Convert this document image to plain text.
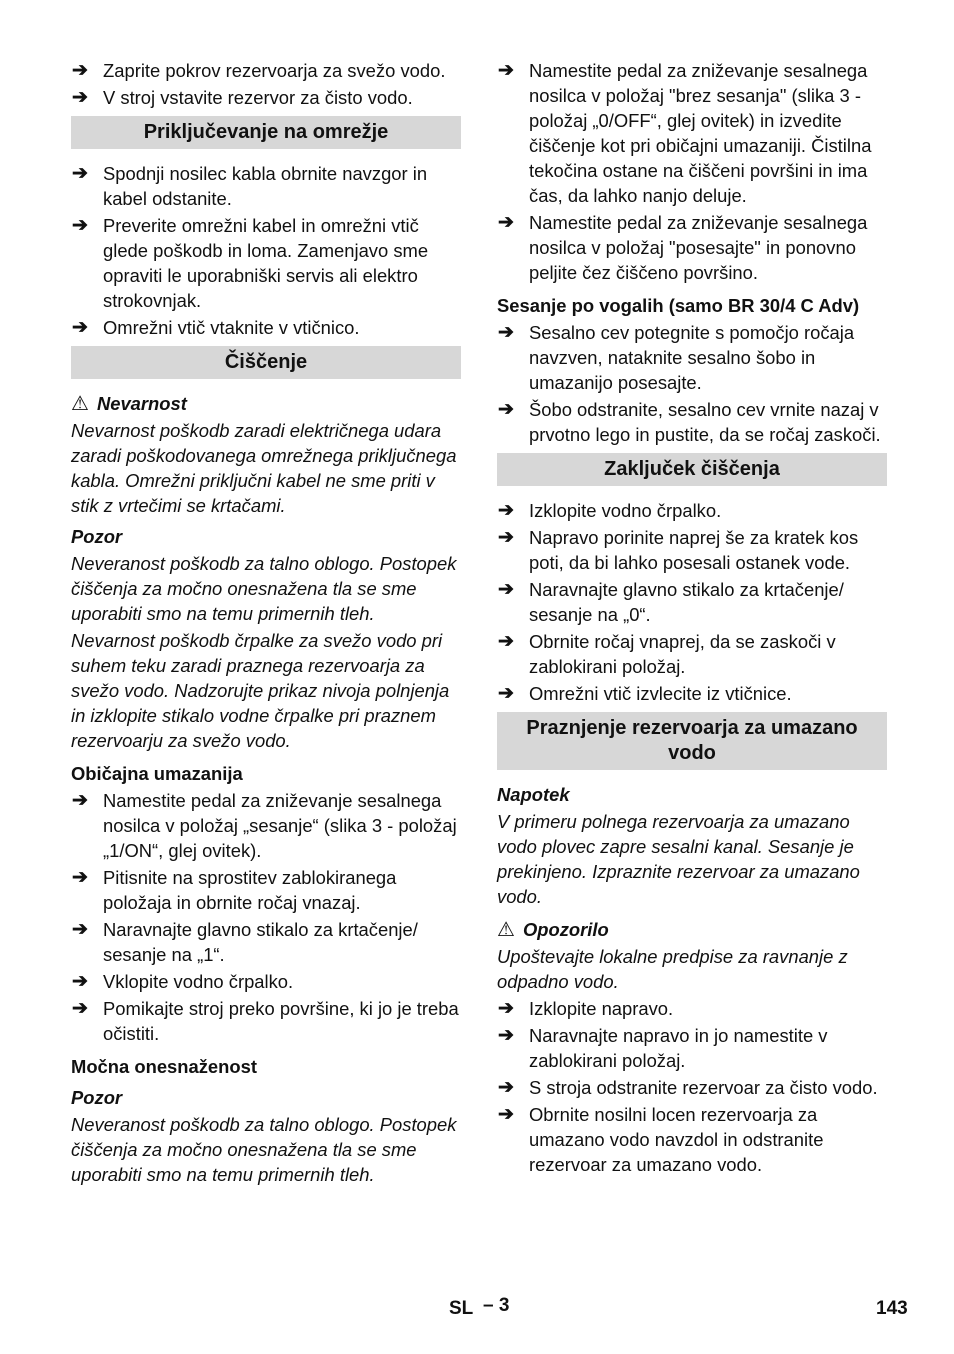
➔ Zaprite pokrov rezervoarja za svežo vodo.
➔ V stroj vstavite rezervor za čisto vodo.
Priključevanje na omrežje
➔ Spodnji nosilec kabla obrnite navzgor in kabel odstanite.
➔ Preverite omrežni kabel in omrežni vtič glede poškodb in loma. Zamenjavo sme opraviti le uporabniški servis ali elektro strokovnjak.
➔ Omrežni vtič vtaknite v vtičnico.
Čiščenje
⚠ Nevarnost
Nevarnost poškodb zaradi električnega udara zaradi poškodovanega omrežnega priključnega kabla. Omrežni priključni kabel ne sme priti v stik z vrtečimi se krtačami.
Pozor
Neveranost poškodb za talno oblogo. Postopek čiščenja za močno onesnažena tla se sme uporabiti smo na temu primernih tleh.
Nevarnost poškodb črpalke za svežo vodo pri suhem teku zaradi praznega rezervoarja za svežo vodo. Nadzorujte prikaz nivoja polnjenja in izklopite stikalo vodne črpalke pri praznem rezervoarju za svežo vodo.
Običajna umazanija
➔ Namestite pedal za zniževanje sesalnega nosilca v položaj „sesanje“ (slika 3 - položaj „1/ON“, glej ovitek).
➔ Pitisnite na sprostitev zablokiranega položaja in obrnite ročaj vnazaj.
➔ Naravnajte glavno stikalo za krtačenje/ sesanje na „1“.
➔ Vklopite vodno črpalko.
➔ Pomikajte stroj preko površine, ki jo je treba očistiti.
Močna onesnaženost
Pozor
Neveranost poškodb za talno oblogo. Postopek čiščenja za močno onesnažena tla se sme uporabiti smo na temu primernih tleh.
➔ Namestite pedal za zniževanje sesalnega nosilca v položaj "brez sesanja" (slika 3 - položaj „0/OFF“, glej ovitek) in izvedite čiščenje kot pri običajni umazaniji. Čistilna tekočina ostane na čiščeni površini in ima čas, da lahko nanjo deluje.
➔ Namestite pedal za zniževanje sesalnega nosilca v položaj "posesajte" in ponovno peljite čez čiščeno površino.
Sesanje po vogalih (samo BR 30/4 C Adv)
➔ Sesalno cev potegnite s pomočjo ročaja navzven, nataknite sesalno šobo in umazanijo posesajte.
➔ Šobo odstranite, sesalno cev vrnite nazaj v prvotno lego in pustite, da se ročaj zaskoči.
Zaključek čiščenja
➔ Izklopite vodno črpalko.
➔ Napravo porinite naprej še za kratek kos poti, da bi lahko posesali ostanek vode.
➔ Naravnajte glavno stikalo za krtačenje/ sesanje na „0“.
➔ Obrnite ročaj vnaprej, da se zaskoči v zablokirani položaj.
➔ Omrežni vtič izvlecite iz vtičnice.
Praznjenje rezervoarja za umazano vodo
Napotek
V primeru polnega rezervoarja za umazano vodo plovec zapre sesalni kanal. Sesanje je prekinjeno. Izpraznite rezervoar za umazano vodo.
⚠ Opozorilo
Upoštevajte lokalne predpise za ravnanje z odpadno vodo.
➔ Izklopite napravo.
➔ Naravnajte napravo in jo namestite v zablokirani položaj.
➔ S stroja odstranite rezervoar za čisto vodo.
➔ Obrnite nosilni locen rezervoarja za umazano vodo navzdol in odstranite rezervoar za umazano vodo.
SL – 3	143
